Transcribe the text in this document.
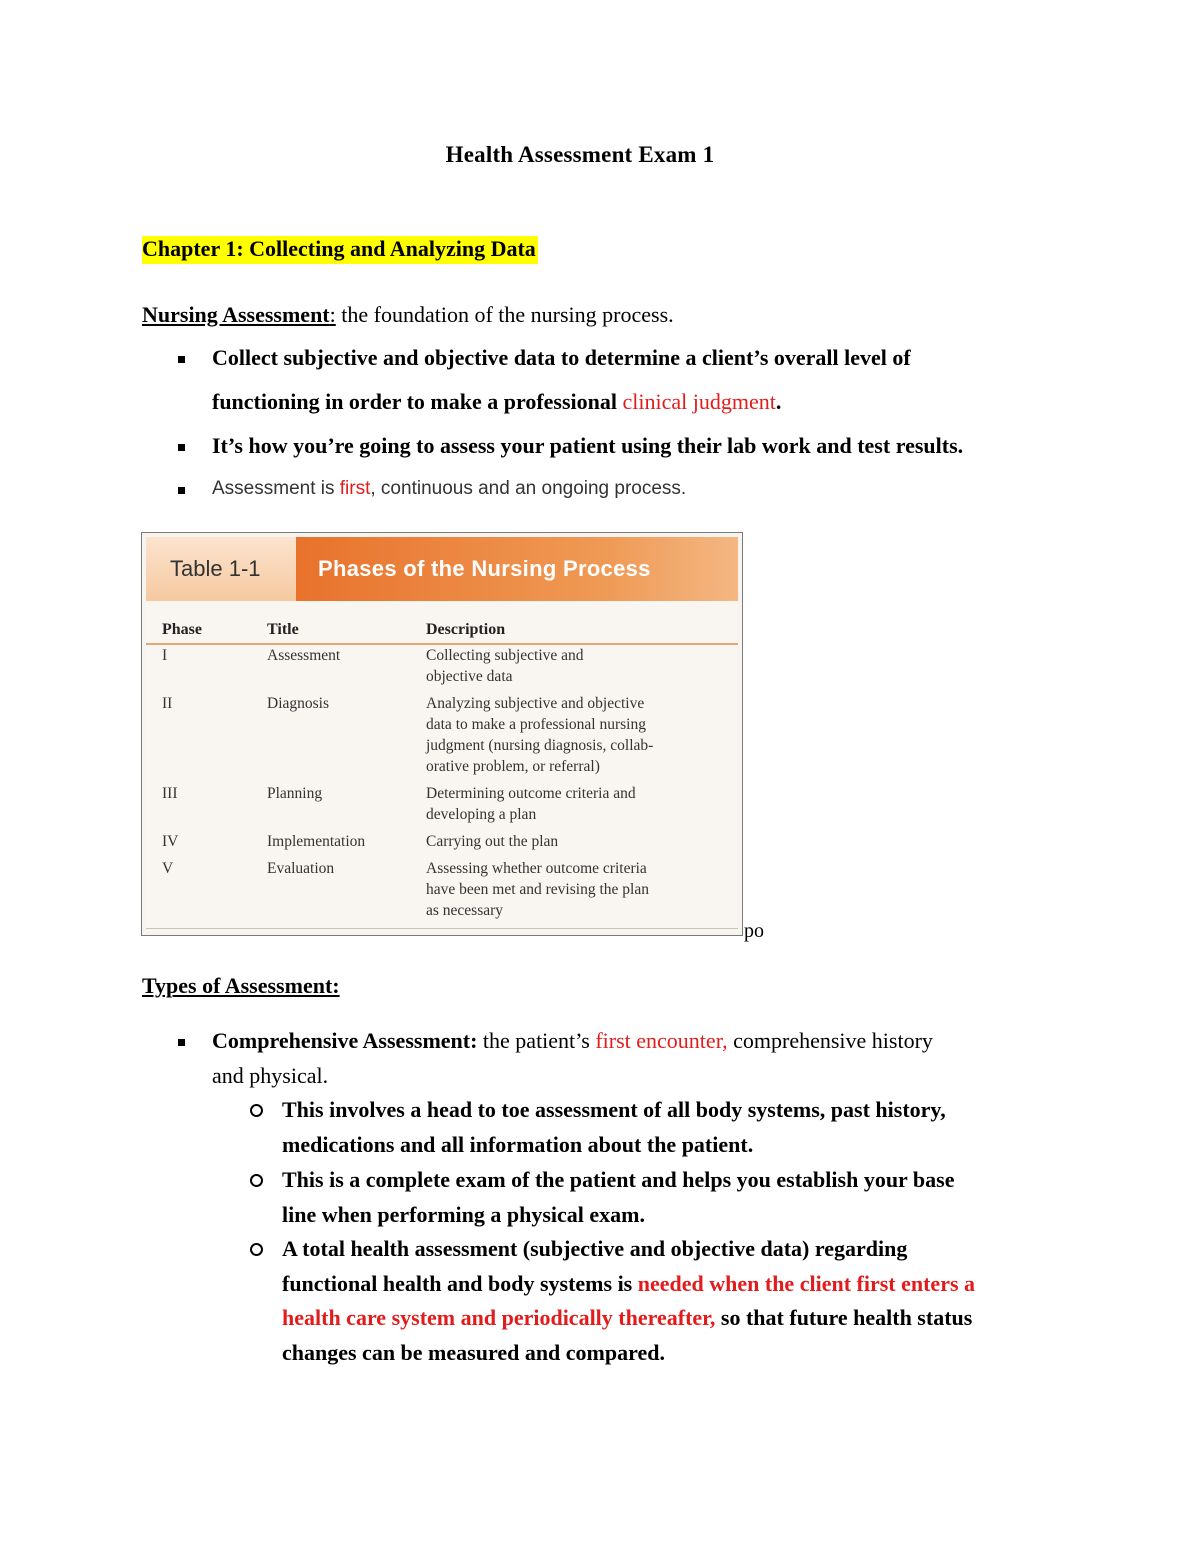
Health Assessment Exam 1
Chapter 1: Collecting and Analyzing Data
Nursing Assessment: the foundation of the nursing process.
Collect subjective and objective data to determine a client’s overall level of
functioning in order to make a professional clinical judgment.
It’s how you’re going to assess your patient using their lab work and test results.
Assessment is first, continuous and an ongoing process.
Table 1-1	Phases of the Nursing Process
Phase	Title	Description
I	Assessment	Collecting subjective and
objective data
II	Diagnosis	Analyzing subjective and objective
data to make a professional nursing
judgment (nursing diagnosis, collab-
orative problem, or referral)
III	Planning	Determining outcome criteria and
developing a plan
IV	Implementation	Carrying out the plan
V	Evaluation	Assessing whether outcome criteria
have been met and revising the plan
as necessary
po
Types of Assessment:
Comprehensive Assessment: the patient’s first encounter, comprehensive history
and physical.
This involves a head to toe assessment of all body systems, past history,
medications and all information about the patient.
This is a complete exam of the patient and helps you establish your base
line when performing a physical exam.
A total health assessment (subjective and objective data) regarding
functional health and body systems is needed when the client first enters a
health care system and periodically thereafter, so that future health status
changes can be measured and compared.
